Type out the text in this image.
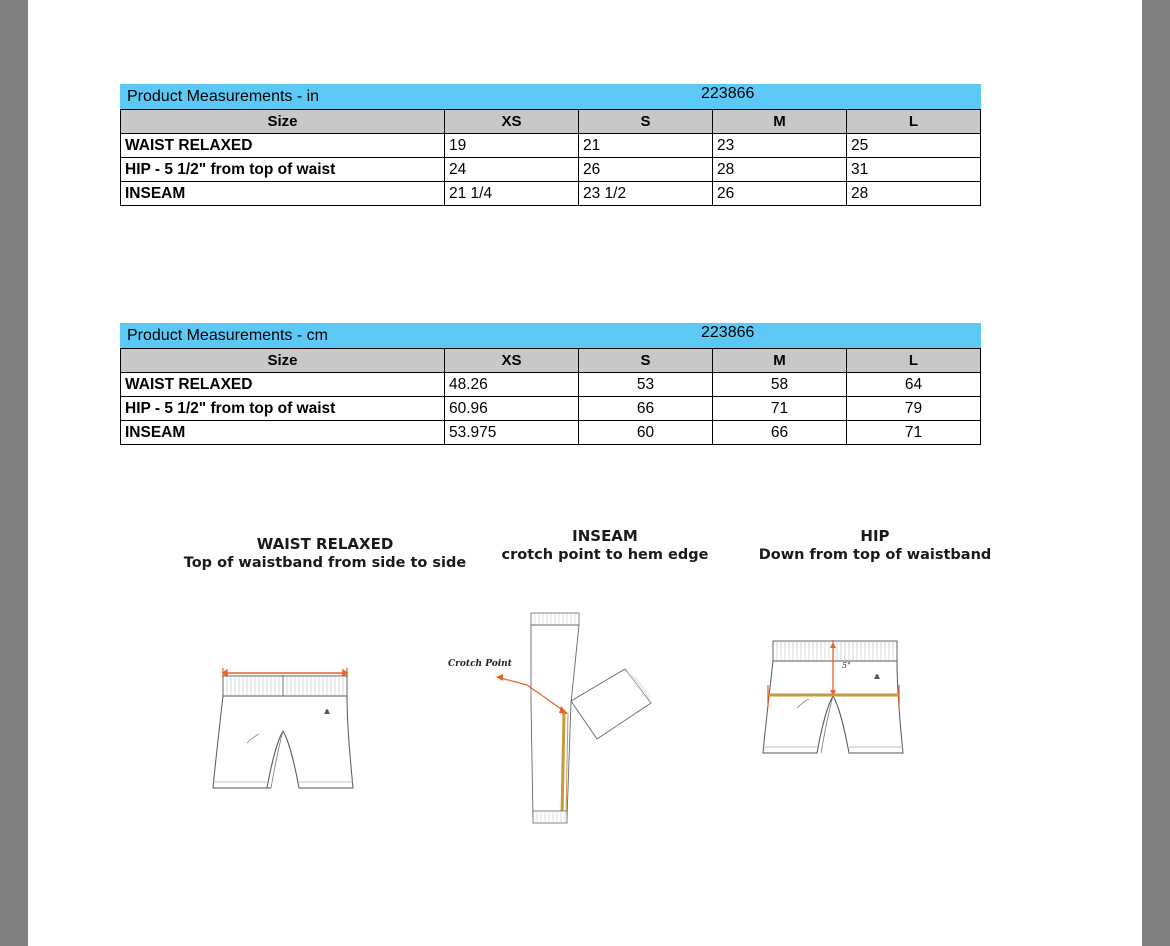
Product Measurements - in 223866				

Size	XS	S	M	L
WAIST RELAXED	19	21	23	25
HIP - 5 1/2" from top of waist	24	26	28	31
INSEAM	21 1/4	23 1/2	26	28
Product Measurements - cm 223866				

Size	XS	S	M	L
WAIST RELAXED	48.26	53	58	64
HIP - 5 1/2" from top of waist	60.96	66	71	79
INSEAM	53.975	60	66	71
WAIST RELAXED
Top of waistband from side to side
INSEAM
crotch point to hem edge
Crotch Point
HIP
Down from top of waistband
5"
